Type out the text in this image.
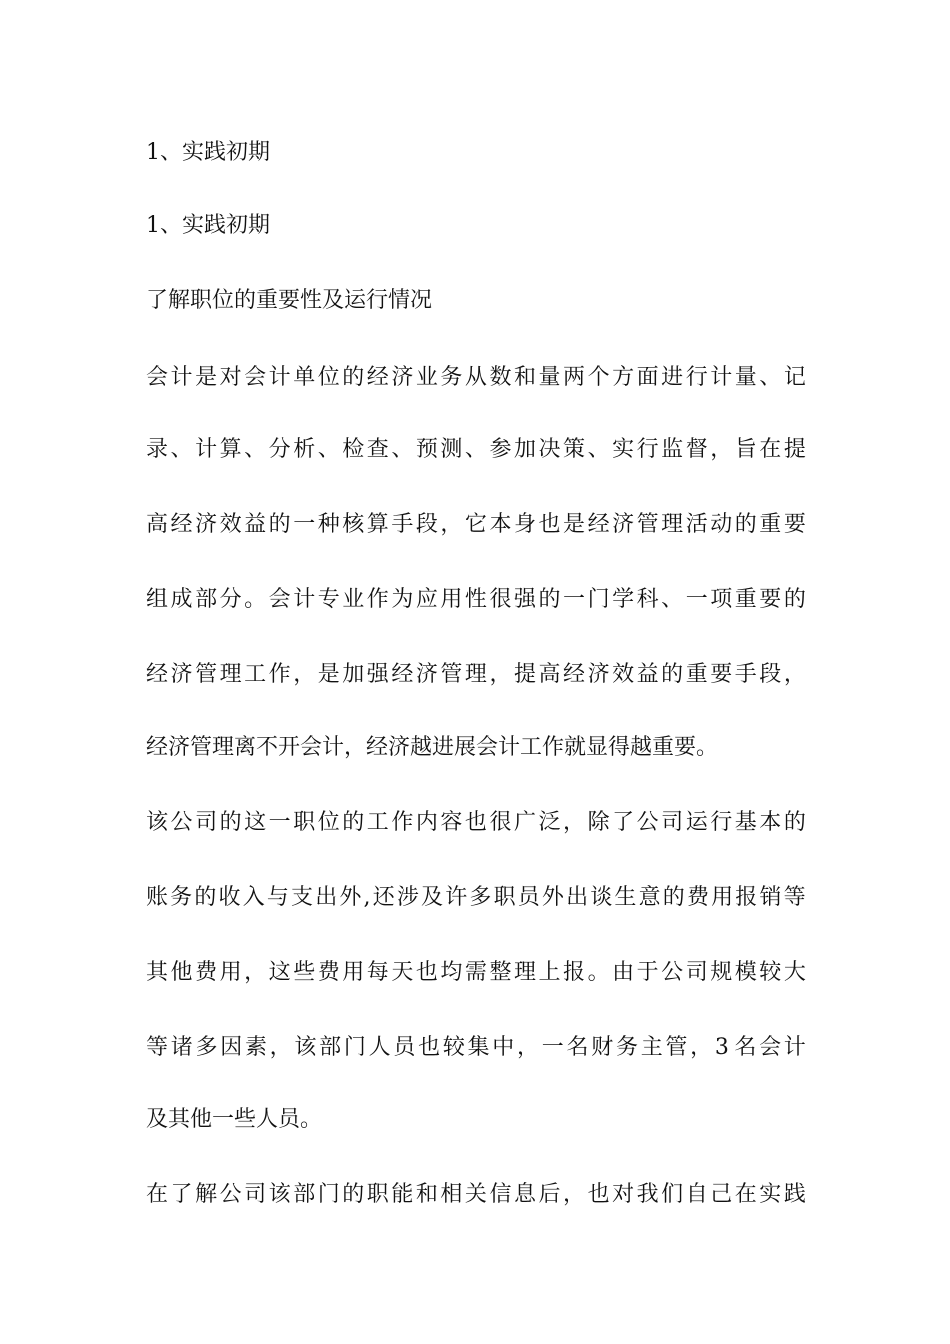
1、实践初期
1、实践初期
了解职位的重要性及运行情况
会 计 是 对 会 计 单 位 的 经 济 业 务 从 数 和 量 两 个 方 面 进 行 计 量 、 记
录 、 计 算 、 分 析 、 检 查 、 预 测 、 参 加 决 策 、 实 行 监 督 ， 旨 在 提
高 经 济 效 益 的 一 种 核 算 手 段 ， 它 本 身 也 是 经 济 管 理 活 动 的 重 要
组 成 部 分 。 会 计 专 业 作 为 应 用 性 很 强 的 一 门 学 科 、 一 项 重 要 的
经 济 管 理 工 作 ， 是 加 强 经 济 管 理 ， 提 高 经 济 效 益 的 重 要 手 段 ，
经济管理离不开会计，经济越进展会计工作就显得越重要。
该 公 司 的 这 一 职 位 的 工 作 内 容 也 很 广 泛 ， 除 了 公 司 运 行 基 本 的
账 务 的 收 入 与 支 出 外 , 还 涉 及 许 多 职 员 外 出 谈 生 意 的 费 用 报 销 等
其 他 费 用 ， 这 些 费 用 每 天 也 均 需 整 理 上 报 。 由 于 公 司 规 模 较 大
等 诸 多 因 素 ， 该 部 门 人 员 也 较 集 中 ， 一 名 财 务 主 管 ， 3 名 会 计
及其他一些人员。
在 了 解 公 司 该 部 门 的 职 能 和 相 关 信 息 后 ， 也 对 我 们 自 己 在 实 践
